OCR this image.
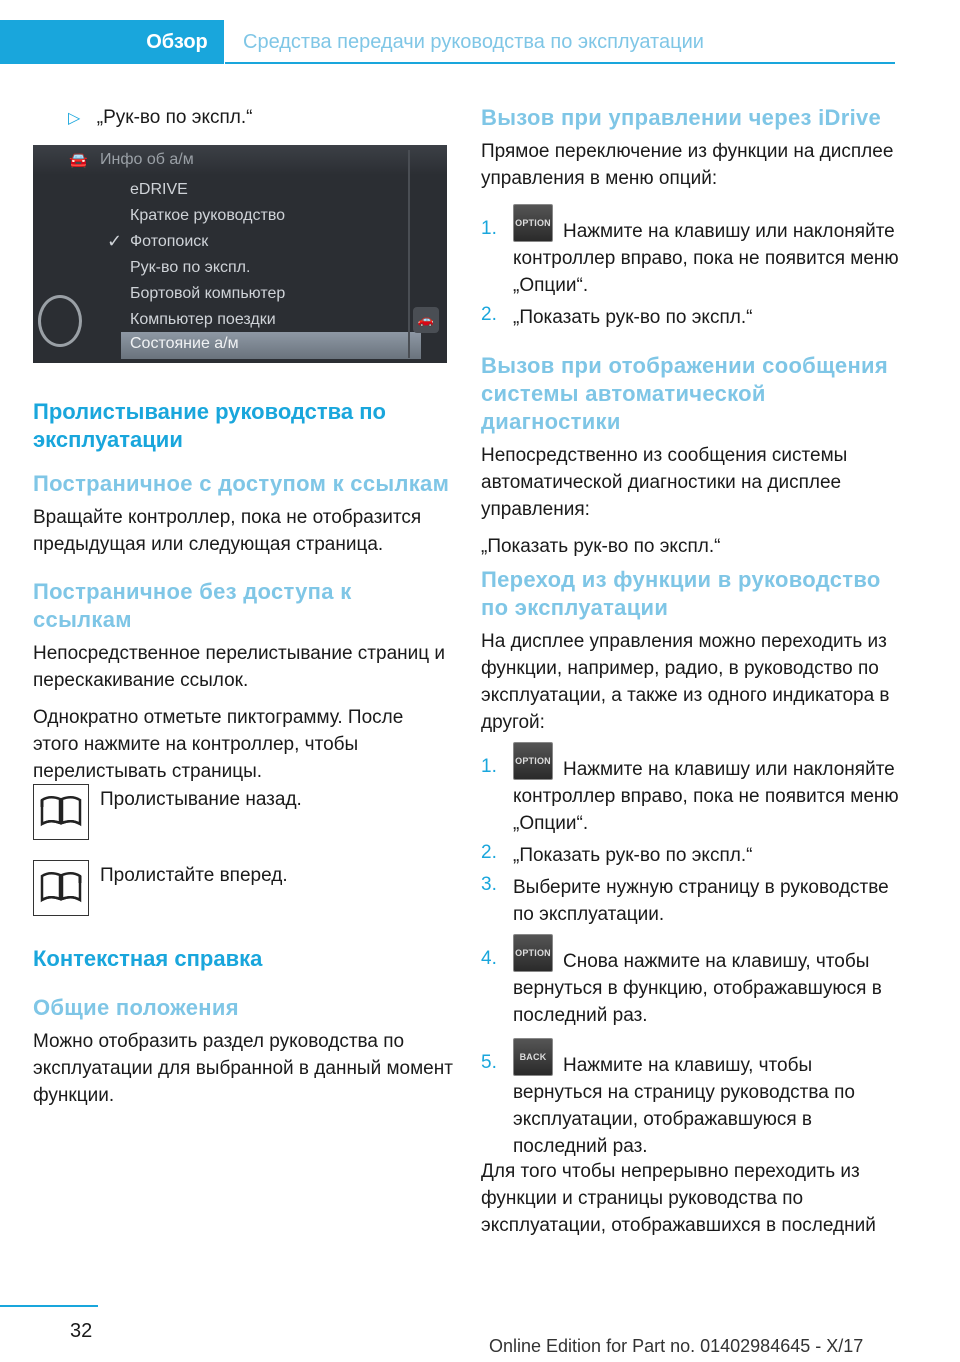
Обзор	Средства передачи руководства по эксплуатации
▷ „Рук-во по экспл.“
🚘 Инфо об а/м
eDRIVE
Краткое руководство
✓ Фотопоиск
Рук-во по экспл.
Бортовой компьютер
Компьютер поездки
Состояние а/м
🚗

Пролистывание руководства по эксплуатации

Постраничное с доступом к ссылкам

Вращайте контроллер, пока не отобразится предыдущая или следующая страница.

Постраничное без доступа к ссылкам

Непосредственное перелистывание страниц и перескакивание ссылок.

Однократно отметьте пиктограмму. После этого нажмите на контроллер, чтобы перелистывать страницы.

Пролистывание назад.
Пролистайте вперед.

Контекстная справка

Общие положения

Можно отобразить раздел руководства по эксплуатации для выбранной в данный момент функции.

Вызов при управлении через iDrive

Прямое переключение из функции на дисплее управления в меню опций:

1. OPTION Нажмите на клавишу или наклоняйте контроллер вправо, пока не появится меню „Опции“.

2. „Показать рук-во по экспл.“

Вызов при отображении сообщения системы автоматической диагностики

Непосредственно из сообщения системы автоматической диагностики на дисплее управления:

„Показать рук-во по экспл.“

Переход из функции в руководство по эксплуатации

На дисплее управления можно переходить из функции, например, радио, в руководство по эксплуатации, а также из одного индикатора в другой:

1. OPTION Нажмите на клавишу или наклоняйте контроллер вправо, пока не появится меню „Опции“.

2. „Показать рук-во по экспл.“

3. Выберите нужную страницу в руководстве по эксплуатации.

4. OPTION Снова нажмите на клавишу, чтобы вернуться в функцию, отображавшуюся в последний раз.

5.	BACK Нажмите на клавишу, чтобы вернуться на страницу руководства по эксплуатации, отображавшуюся в последний раз.

Для того чтобы непрерывно переходить из функции и страницы руководства по эксплуатации, отображавшихся в последний

32
Online Edition for Part no. 01402984645 - X/17
